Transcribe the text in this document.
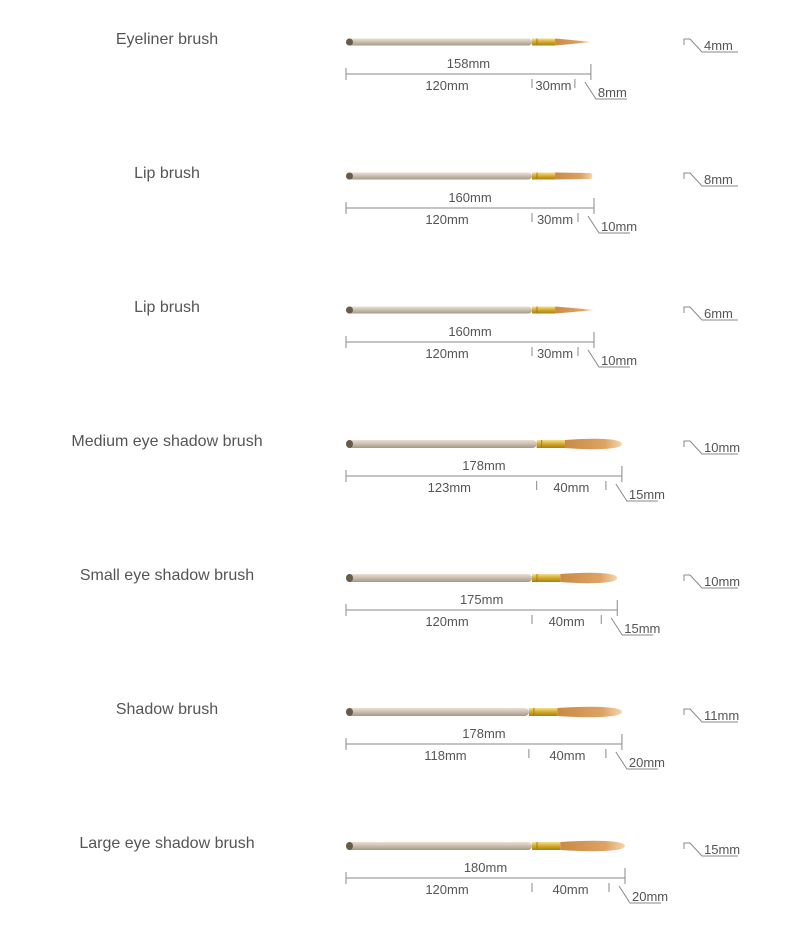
Eyeliner brush
158mm
120mm	30mm 8mm
4mm
Lip brush
160mm
120mm	30mm 10mm
8mm
Lip brush
160mm
120mm	30mm 10mm
6mm
Medium eye shadow brush
178mm
123mm	40mm	15mm
10mm
Small eye shadow brush
175mm
120mm	40mm	15mm
10mm
Shadow brush
178mm
118mm	40mm	20mm
11mm
Large eye shadow brush
180mm
120mm	40mm	20mm
15mm
